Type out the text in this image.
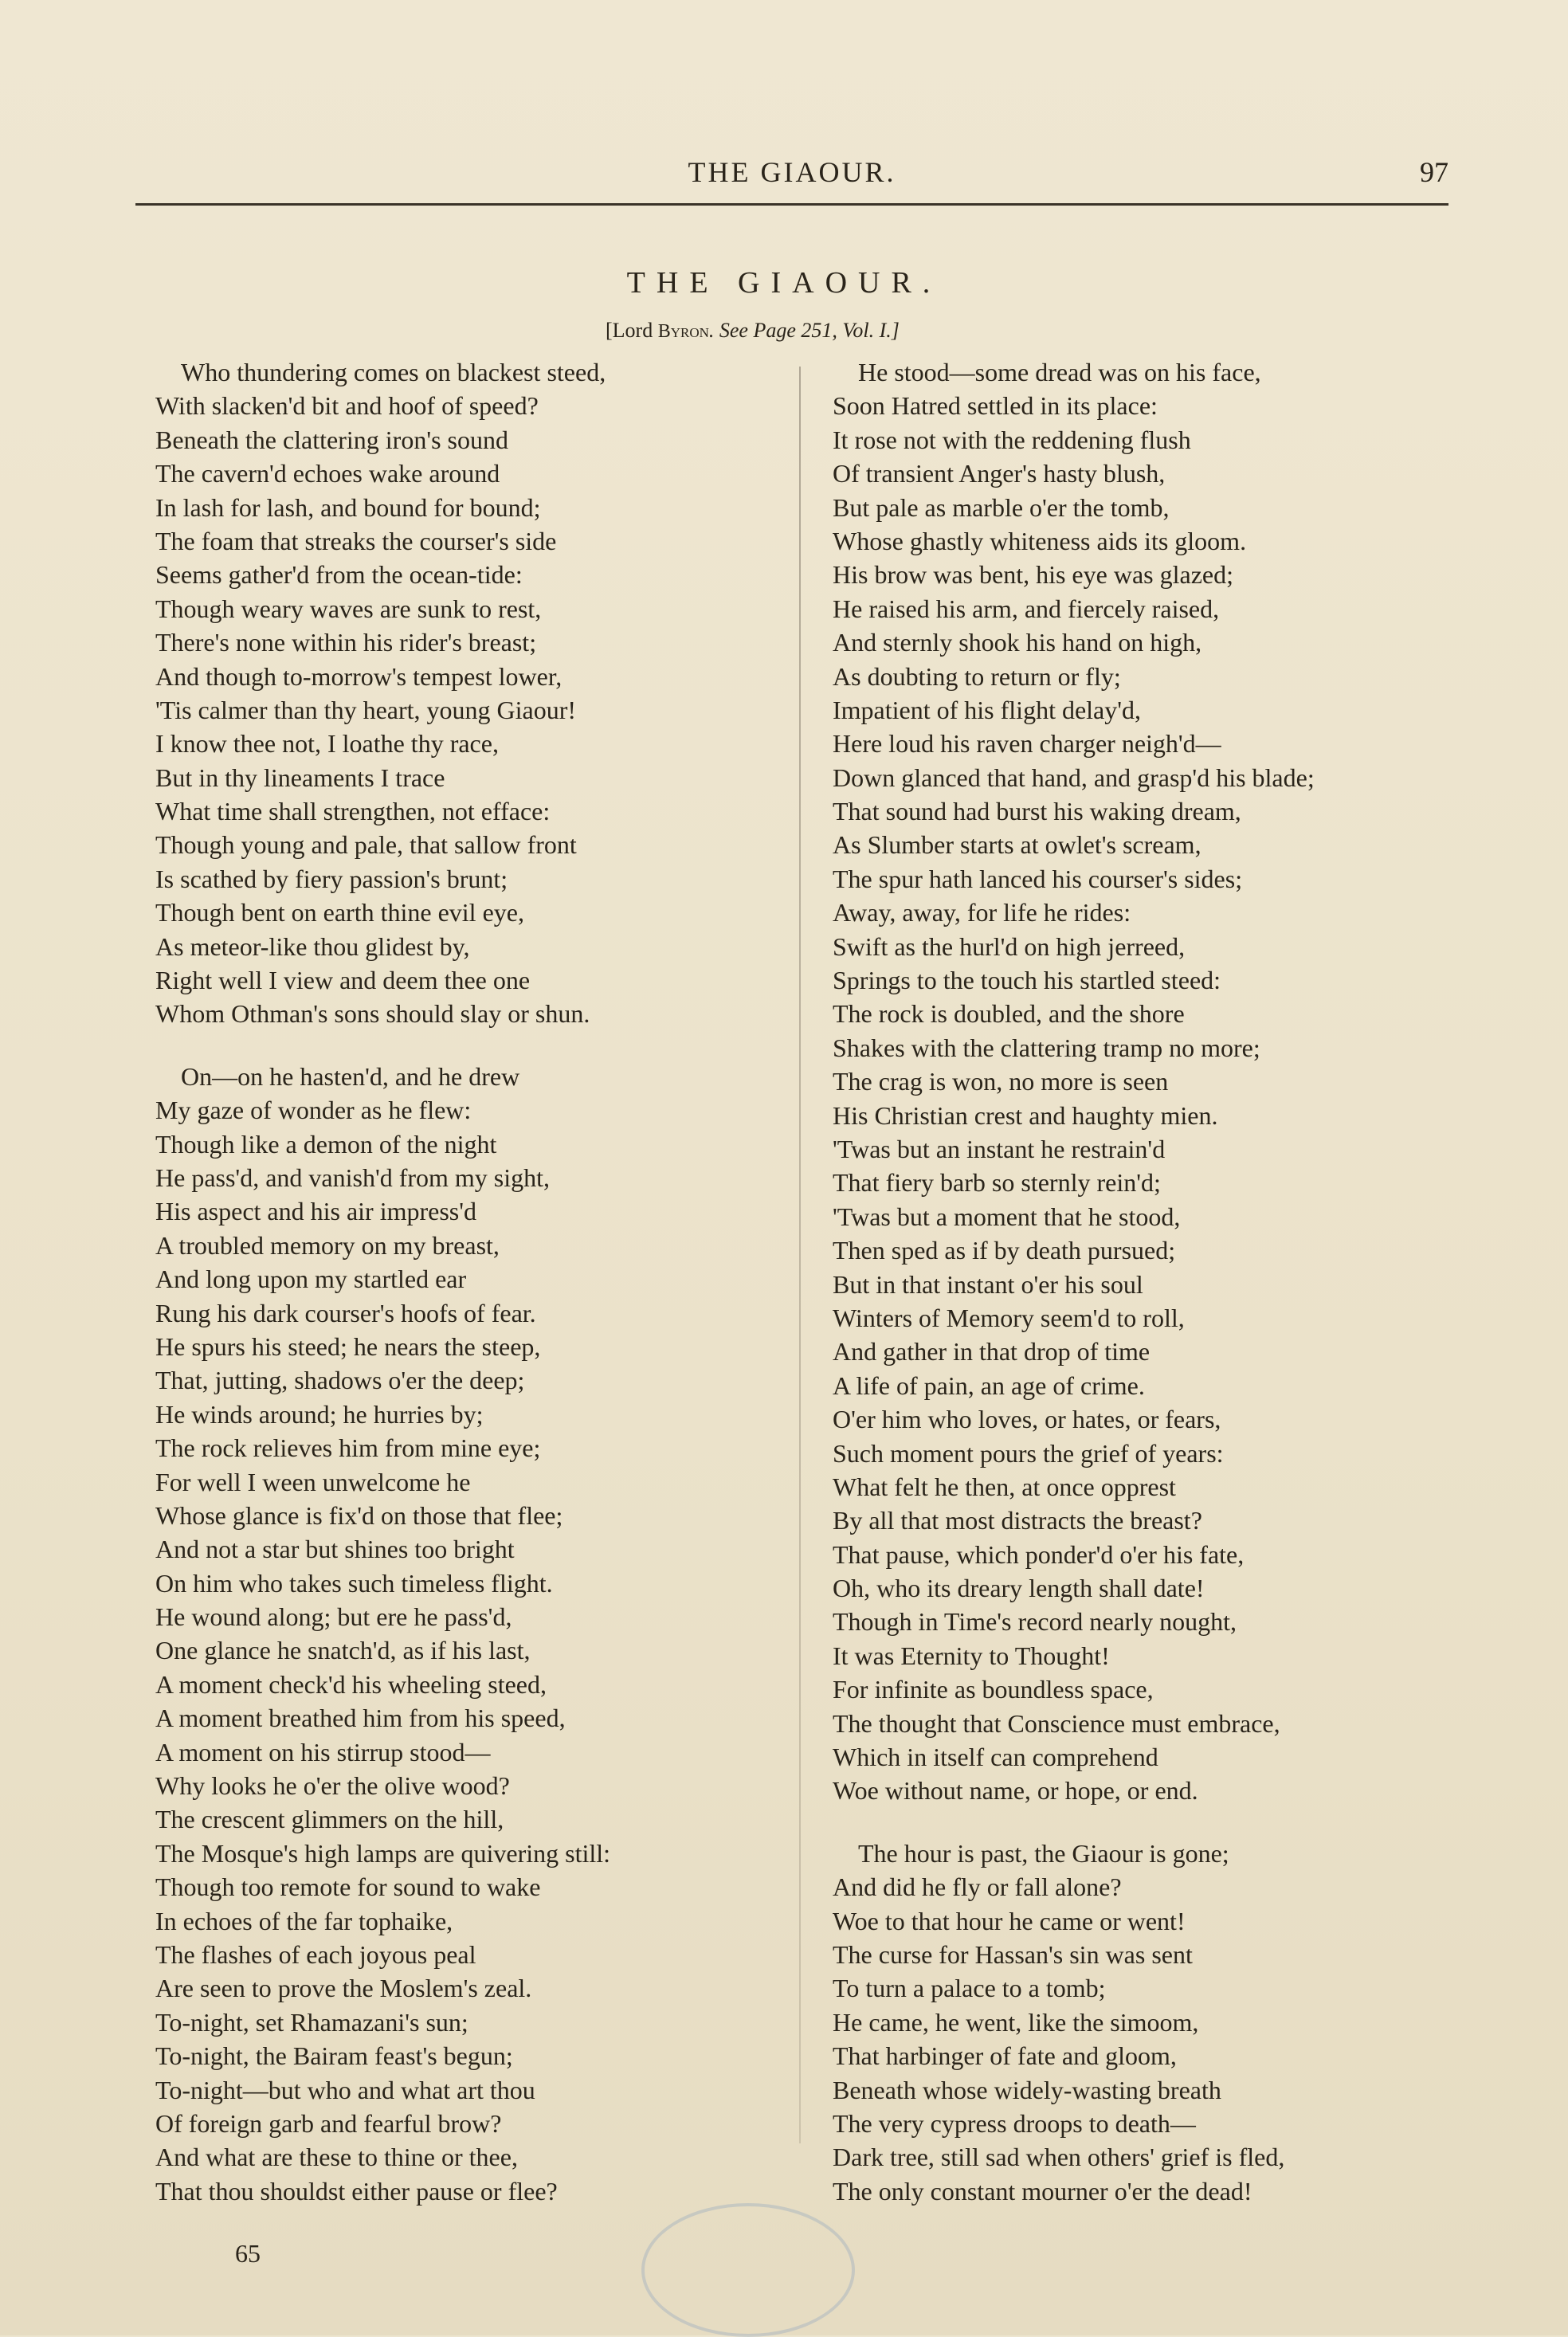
THE GIAOUR.	97
THE GIAOUR.
[Lord Byron. See Page 251, Vol. I.]
Who thundering comes on blackest steed,
With slacken'd bit and hoof of speed?
Beneath the clattering iron's sound
The cavern'd echoes wake around
In lash for lash, and bound for bound;
The foam that streaks the courser's side
Seems gather'd from the ocean-tide:
Though weary waves are sunk to rest,
There's none within his rider's breast;
And though to-morrow's tempest lower,
'Tis calmer than thy heart, young Giaour!
I know thee not, I loathe thy race,
But in thy lineaments I trace
What time shall strengthen, not efface:
Though young and pale, that sallow front
Is scathed by fiery passion's brunt;
Though bent on earth thine evil eye,
As meteor-like thou glidest by,
Right well I view and deem thee one
Whom Othman's sons should slay or shun.
On—on he hasten'd, and he drew
My gaze of wonder as he flew:
Though like a demon of the night
He pass'd, and vanish'd from my sight,
His aspect and his air impress'd
A troubled memory on my breast,
And long upon my startled ear
Rung his dark courser's hoofs of fear.
He spurs his steed; he nears the steep,
That, jutting, shadows o'er the deep;
He winds around; he hurries by;
The rock relieves him from mine eye;
For well I ween unwelcome he
Whose glance is fix'd on those that flee;
And not a star but shines too bright
On him who takes such timeless flight.
He wound along; but ere he pass'd,
One glance he snatch'd, as if his last,
A moment check'd his wheeling steed,
A moment breathed him from his speed,
A moment on his stirrup stood—
Why looks he o'er the olive wood?
The crescent glimmers on the hill,
The Mosque's high lamps are quivering still:
Though too remote for sound to wake
In echoes of the far tophaike,
The flashes of each joyous peal
Are seen to prove the Moslem's zeal.
To-night, set Rhamazani's sun;
To-night, the Bairam feast's begun;
To-night—but who and what art thou
Of foreign garb and fearful brow?
And what are these to thine or thee,
That thou shouldst either pause or flee?
He stood—some dread was on his face,
Soon Hatred settled in its place:
It rose not with the reddening flush
Of transient Anger's hasty blush,
But pale as marble o'er the tomb,
Whose ghastly whiteness aids its gloom.
His brow was bent, his eye was glazed;
He raised his arm, and fiercely raised,
And sternly shook his hand on high,
As doubting to return or fly;
Impatient of his flight delay'd,
Here loud his raven charger neigh'd—
Down glanced that hand, and grasp'd his blade;
That sound had burst his waking dream,
As Slumber starts at owlet's scream,
The spur hath lanced his courser's sides;
Away, away, for life he rides:
Swift as the hurl'd on high jerreed,
Springs to the touch his startled steed:
The rock is doubled, and the shore
Shakes with the clattering tramp no more;
The crag is won, no more is seen
His Christian crest and haughty mien.
'Twas but an instant he restrain'd
That fiery barb so sternly rein'd;
'Twas but a moment that he stood,
Then sped as if by death pursued;
But in that instant o'er his soul
Winters of Memory seem'd to roll,
And gather in that drop of time
A life of pain, an age of crime.
O'er him who loves, or hates, or fears,
Such moment pours the grief of years:
What felt he then, at once opprest
By all that most distracts the breast?
That pause, which ponder'd o'er his fate,
Oh, who its dreary length shall date!
Though in Time's record nearly nought,
It was Eternity to Thought!
For infinite as boundless space,
The thought that Conscience must embrace,
Which in itself can comprehend
Woe without name, or hope, or end.
The hour is past, the Giaour is gone;
And did he fly or fall alone?
Woe to that hour he came or went!
The curse for Hassan's sin was sent
To turn a palace to a tomb;
He came, he went, like the simoom,
That harbinger of fate and gloom,
Beneath whose widely-wasting breath
The very cypress droops to death—
Dark tree, still sad when others' grief is fled,
The only constant mourner o'er the dead!
65
